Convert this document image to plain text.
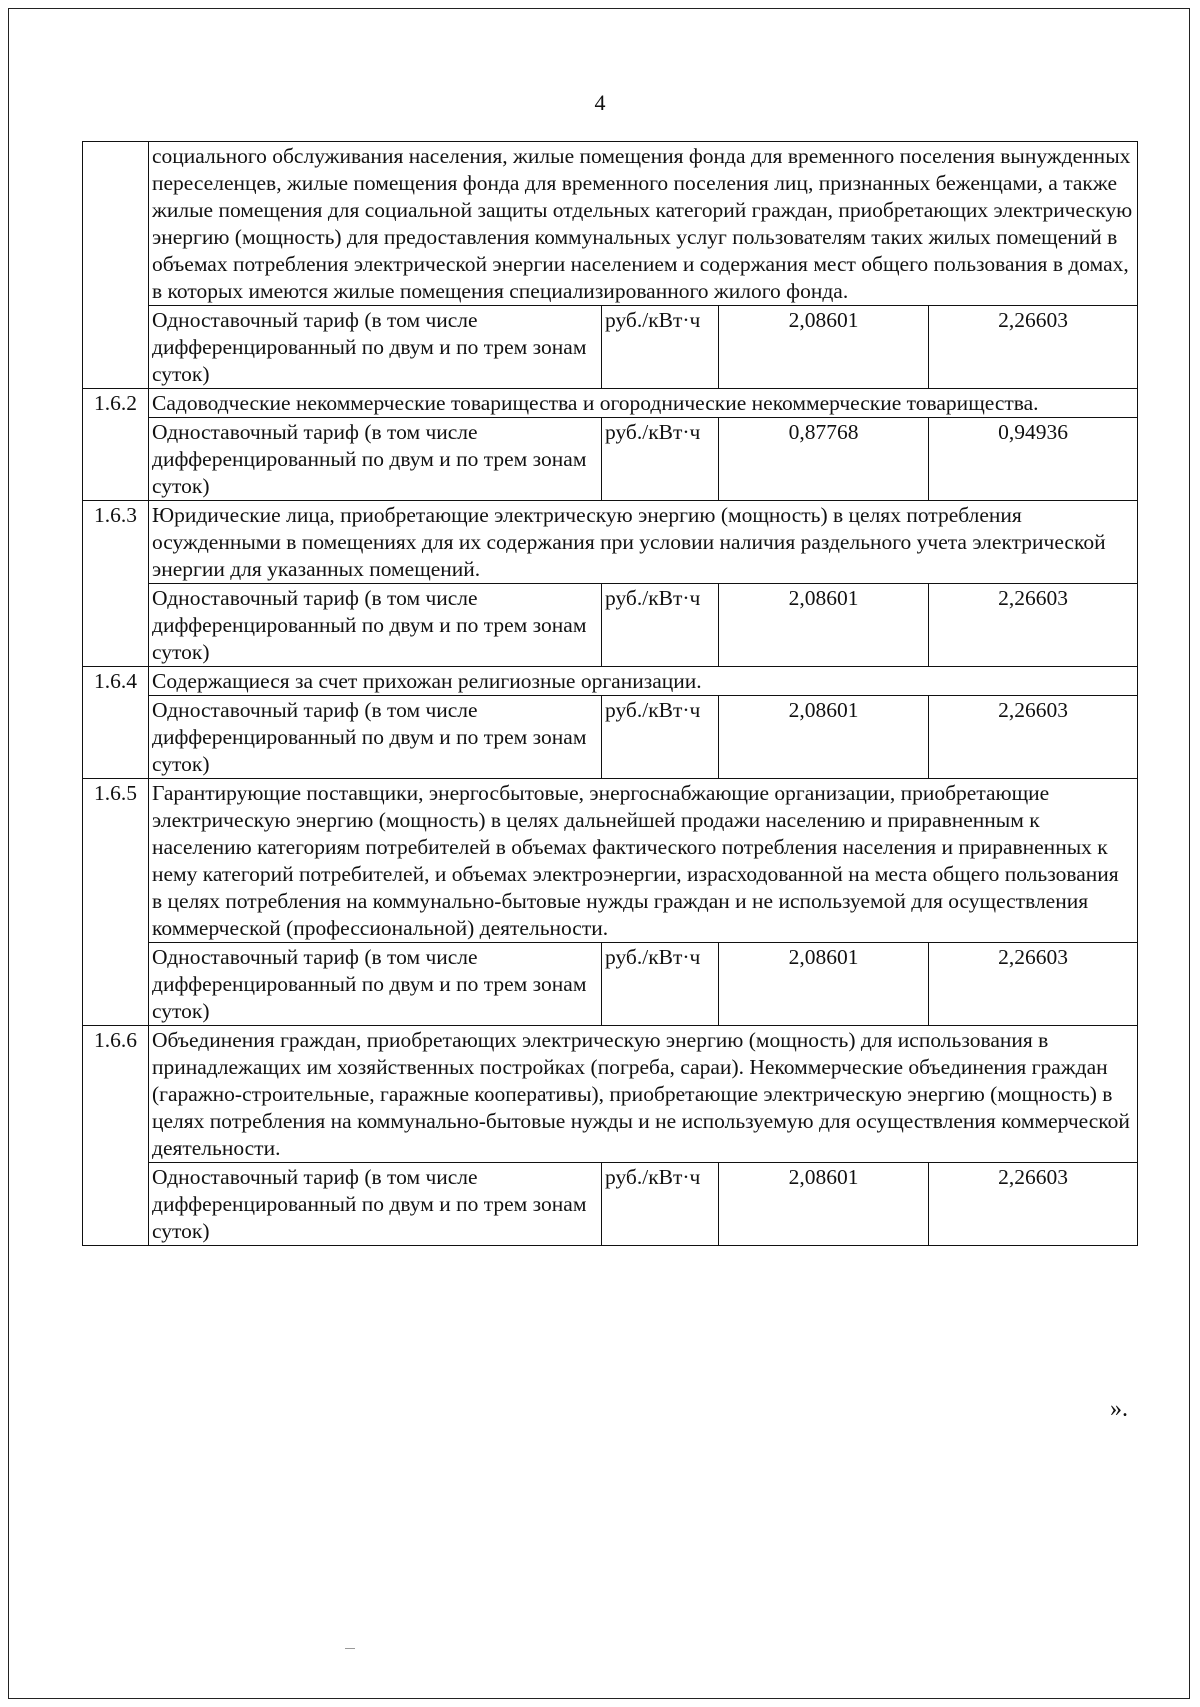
4
	социального обслуживания населения, жилые помещения фонда для временного поселения вынужденных переселенцев, жилые помещения фонда для временного поселения лиц, признанных беженцами, а также жилые помещения для социальной защиты отдельных категорий граждан, приобретающих электрическую энергию (мощность) для предоставления коммунальных услуг пользователям таких жилых помещений в объемах потребления электрической энергии населением и содержания мест общего пользования в домах, в которых имеются жилые помещения специализированного жилого фонда.			
	Одноставочный тариф (в том числе дифференцированный по двум и по трем зонам суток)	руб./кВт·ч	2,08601	2,26603
1.6.2	Садоводческие некоммерческие товарищества и огороднические некоммерческие товарищества.			
	Одноставочный тариф (в том числе дифференцированный по двум и по трем зонам суток)	руб./кВт·ч	0,87768	0,94936
1.6.3	Юридические лица, приобретающие электрическую энергию (мощность) в целях потребления осужденными в помещениях для их содержания при условии наличия раздельного учета электрической энергии для указанных помещений.			
	Одноставочный тариф (в том числе дифференцированный по двум и по трем зонам суток)	руб./кВт·ч	2,08601	2,26603
1.6.4	Содержащиеся за счет прихожан религиозные организации.			
	Одноставочный тариф (в том числе дифференцированный по двум и по трем зонам суток)	руб./кВт·ч	2,08601	2,26603
1.6.5	Гарантирующие поставщики, энергосбытовые, энергоснабжающие организации, приобретающие электрическую энергию (мощность) в целях дальнейшей продажи населению и приравненным к населению категориям потребителей в объемах фактического потребления населения и приравненных к нему категорий потребителей, и объемах электроэнергии, израсходованной на места общего пользования в целях потребления на коммунально-бытовые нужды граждан и не используемой для осуществления коммерческой (профессиональной) деятельности.			
	Одноставочный тариф (в том числе дифференцированный по двум и по трем зонам суток)	руб./кВт·ч	2,08601	2,26603
1.6.6	Объединения граждан, приобретающих электрическую энергию (мощность) для использования в принадлежащих им хозяйственных постройках (погреба, сараи). Некоммерческие объединения граждан (гаражно-строительные, гаражные кооперативы), приобретающие электрическую энергию (мощность) в целях потребления на коммунально-бытовые нужды и не используемую для осуществления коммерческой деятельности.			
	Одноставочный тариф (в том числе дифференцированный по двум и по трем зонам суток)	руб./кВт·ч	2,08601	2,26603
».
